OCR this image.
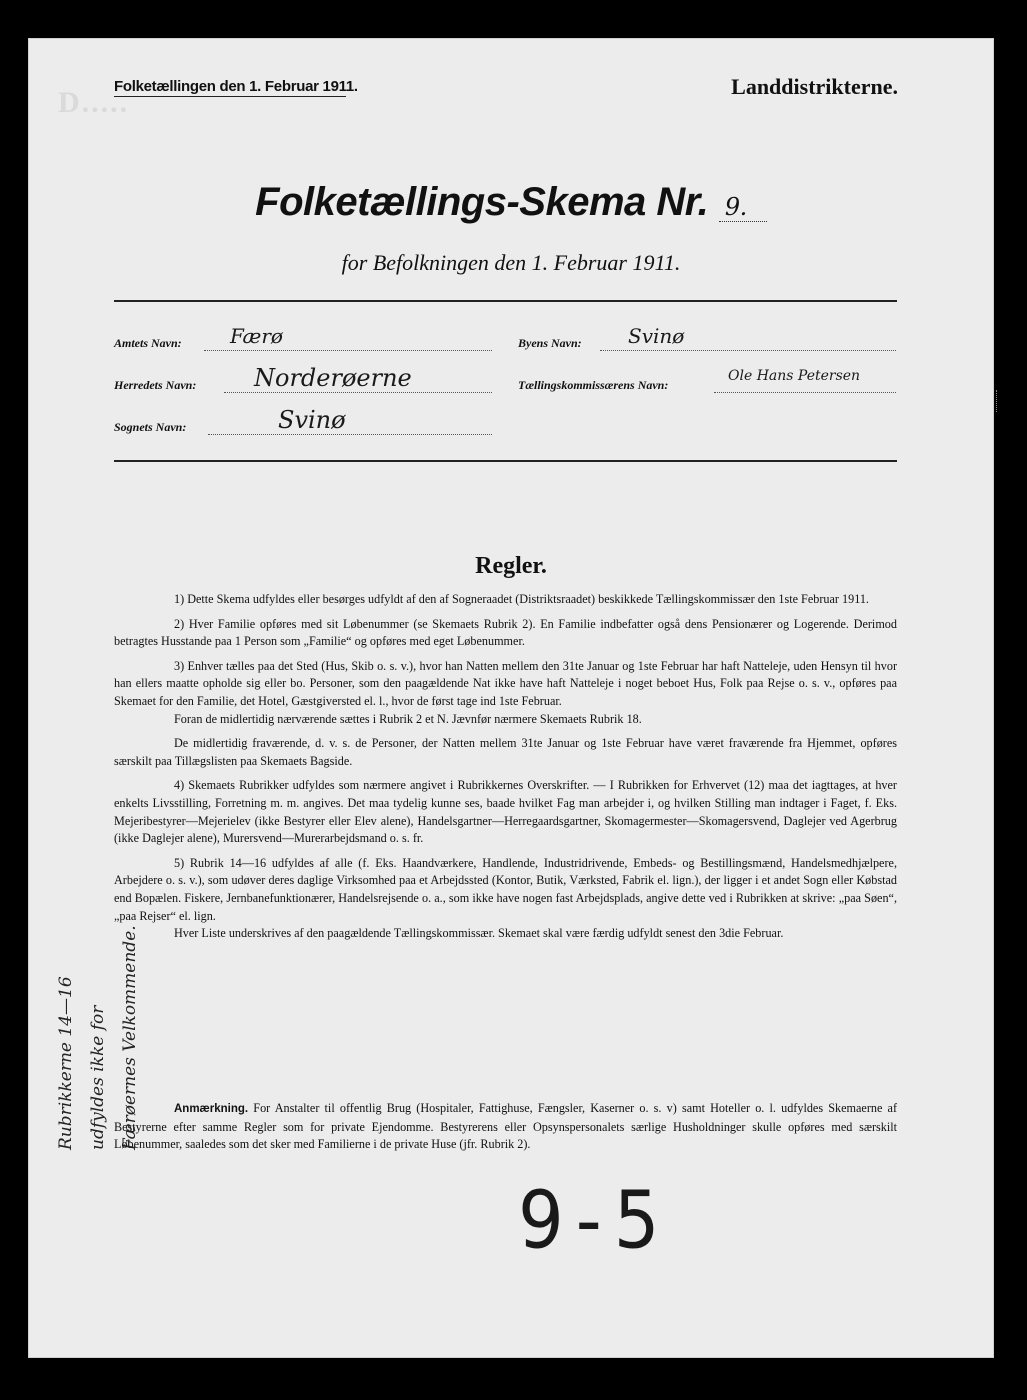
D.....
Folketællingen den 1. Februar 1911.	Landdistrikterne.
Folketællings-Skema Nr. 9.
for Befolkningen den 1. Februar 1911.
Amtets Navn: Færø
Herredets Navn: Norderøerne
Sognets Navn:	Svinø
Byens Navn: Svinø
Tællingskommissærens Navn:
Ole Hans Petersen
Regler.

1) Dette Skema udfyldes eller besørges udfyldt af den af Sogneraadet (Distriktsraadet) beskikkede Tællingskommissær den 1ste Februar 1911.

2) Hver Familie opføres med sit Løbenummer (se Skemaets Rubrik 2). En Familie indbefatter også dens Pensionærer og Logerende. Derimod betragtes Husstande paa 1 Person som „Familie“ og opføres med eget Løbenummer.

3) Enhver tælles paa det Sted (Hus, Skib o. s. v.), hvor han Natten mellem den 31te Januar og 1ste Februar har haft Natteleje, uden Hensyn til hvor han ellers maatte opholde sig eller bo. Personer, som den paagældende Nat ikke have haft Natteleje i noget beboet Hus, Folk paa Rejse o. s. v., opføres paa Skemaet for den Familie, det Hotel, Gæstgiversted el. l., hvor de først tage ind 1ste Februar.

Foran de midlertidig nærværende sættes i Rubrik 2 et N. Jævnfør nærmere Skemaets Rubrik 18.

De midlertidig fraværende, d. v. s. de Personer, der Natten mellem 31te Januar og 1ste Februar have været fraværende fra Hjemmet, opføres særskilt paa Tillægslisten paa Skemaets Bagside.

4) Skemaets Rubrikker udfyldes som nærmere angivet i Rubrikkernes Overskrifter. — I Rubrikken for Erhvervet (12) maa det iagttages, at hver enkelts Livsstilling, Forretning m. m. angives. Det maa tydelig kunne ses, baade hvilket Fag man arbejder i, og hvilken Stilling man indtager i Faget, f. Eks. Mejeribestyrer—Mejerielev (ikke Bestyrer eller Elev alene), Handelsgartner—Herregaardsgartner, Skomagermester—Skomagersvend, Daglejer ved Agerbrug (ikke Daglejer alene), Murersvend—Murerarbejdsmand o. s. fr.

5) Rubrik 14—16 udfyldes af alle (f. Eks. Haandværkere, Handlende, Industridrivende, Embeds- og Bestillingsmænd, Handelsmedhjælpere, Arbejdere o. s. v.), som udøver deres daglige Virksomhed paa et Arbejdssted (Kontor, Butik, Værksted, Fabrik el. lign.), der ligger i et andet Sogn eller Købstad end Bopælen. Fiskere, Jernbanefunktionærer, Handelsrejsende o. a., som ikke have nogen fast Arbejdsplads, angive dette ved i Rubrikken at skrive: „paa Søen“, „paa Rejser“ el. lign.

Hver Liste underskrives af den paagældende Tællingskommissær. Skemaet skal være færdig udfyldt senest den 3die Februar.

Anmærkning. For Anstalter til offentlig Brug (Hospitaler, Fattighuse, Fængsler, Kaserner o. s. v) samt Hoteller o. l. udfyldes Skemaerne af Bestyrerne efter samme Regler som for private Ejendomme. Bestyrerens eller Opsynspersonalets særlige Husholdninger skulle opføres med særskilt Løbenummer, saaledes som det sker med Familierne i de private Huse (jfr. Rubrik 2).
Rubrikkerne 14—16 udfyldes ikke for Færøernes Velkommende.
9-5
